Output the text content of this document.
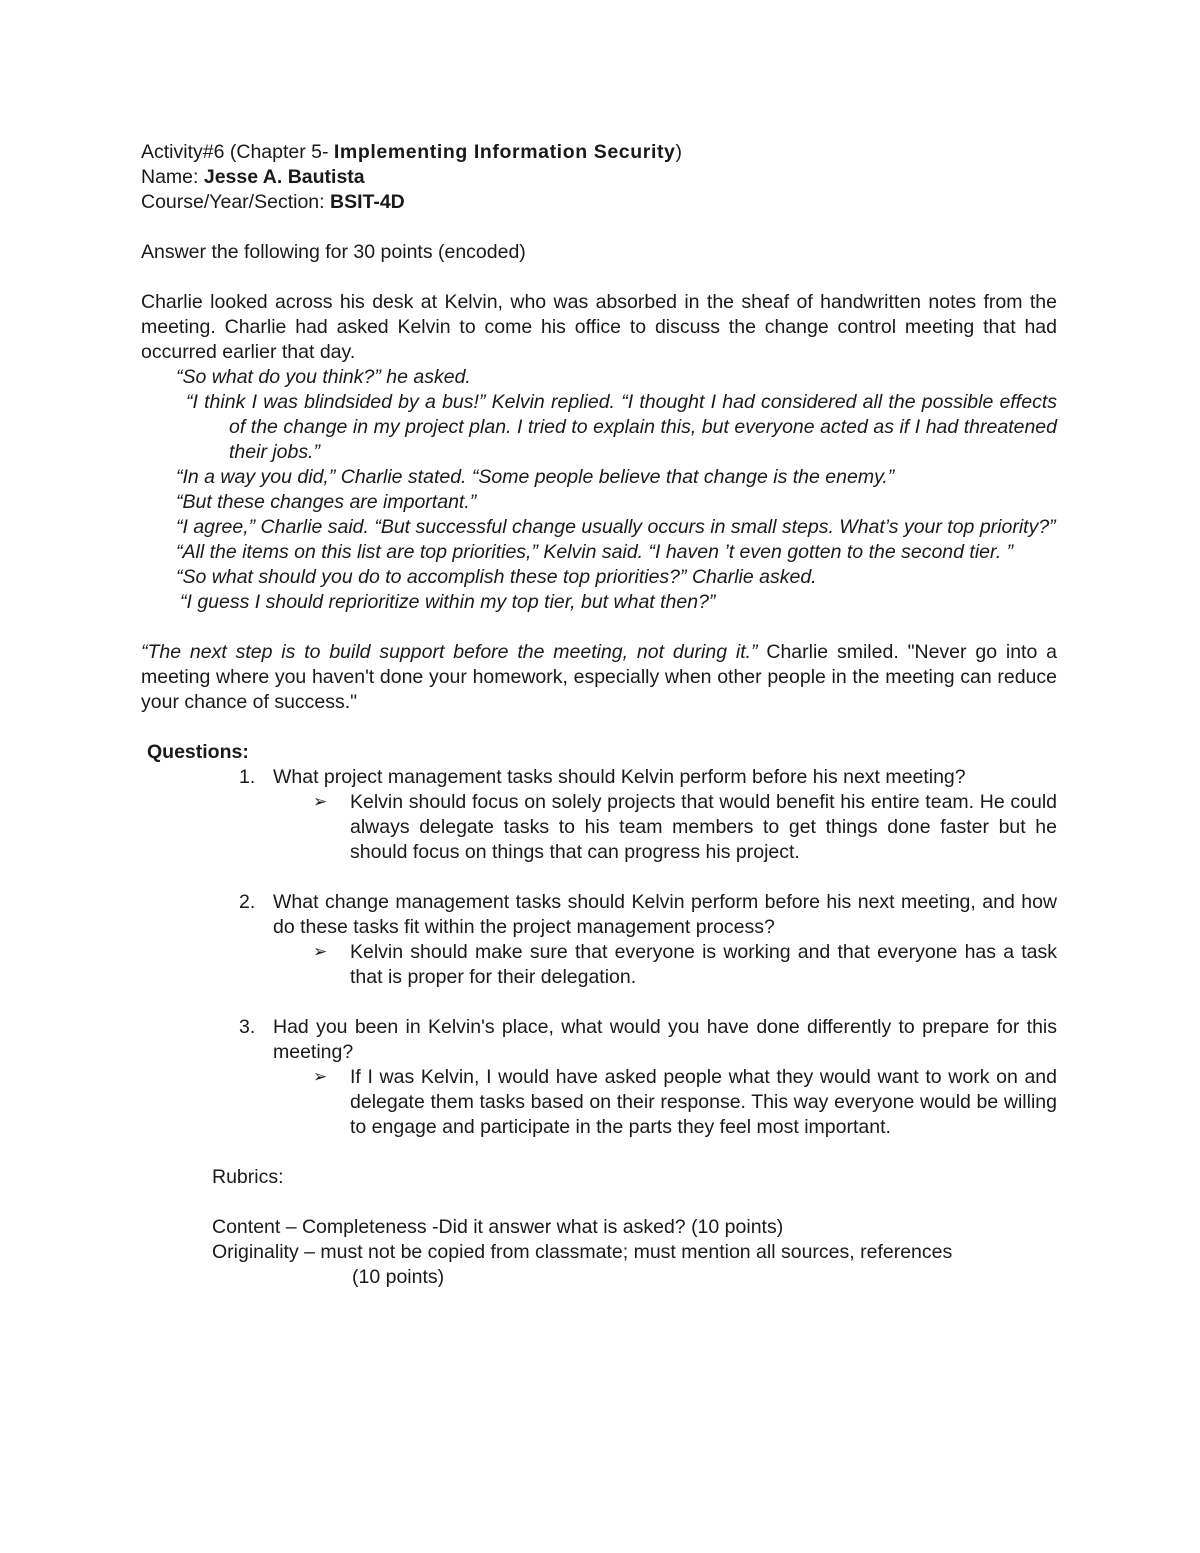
Activity#6 (Chapter 5- Implementing Information Security)
Name: Jesse A. Bautista
Course/Year/Section: BSIT-4D
Answer the following for 30 points (encoded)
Charlie looked across his desk at Kelvin, who was absorbed in the sheaf of handwritten notes from the meeting. Charlie had asked Kelvin to come his office to discuss the change control meeting that had occurred earlier that day.
“So what do you think?” he asked.
“I think I was blindsided by a bus!” Kelvin replied. “I thought I had considered all the possible effects of the change in my project plan. I tried to explain this, but everyone acted as if I had threatened their jobs.”
“In a way you did,” Charlie stated. “Some people believe that change is the enemy.”
“But these changes are important.”
“I agree,” Charlie said. “But successful change usually occurs in small steps. What’s your top priority?”
“All the items on this list are top priorities,” Kelvin said. “I haven ’t even gotten to the second tier. ”
“So what should you do to accomplish these top priorities?” Charlie asked.
“I guess I should reprioritize within my top tier, but what then?”
“The next step is to build support before the meeting, not during it.” Charlie smiled. "Never go into a meeting where you haven't done your homework, especially when other people in the meeting can reduce your chance of success."
Questions:
1. What project management tasks should Kelvin perform before his next meeting?
➢ Kelvin should focus on solely projects that would benefit his entire team. He could always delegate tasks to his team members to get things done faster but he should focus on things that can progress his project.
2. What change management tasks should Kelvin perform before his next meeting, and how do these tasks fit within the project management process?
➢ Kelvin should make sure that everyone is working and that everyone has a task that is proper for their delegation.
3. Had you been in Kelvin's place, what would you have done differently to prepare for this meeting?
➢ If I was Kelvin, I would have asked people what they would want to work on and delegate them tasks based on their response. This way everyone would be willing to engage and participate in the parts they feel most important.
Rubrics:
Content – Completeness -Did it answer what is asked? (10 points)
Originality – must not be copied from classmate; must mention all sources, references
(10 points)
